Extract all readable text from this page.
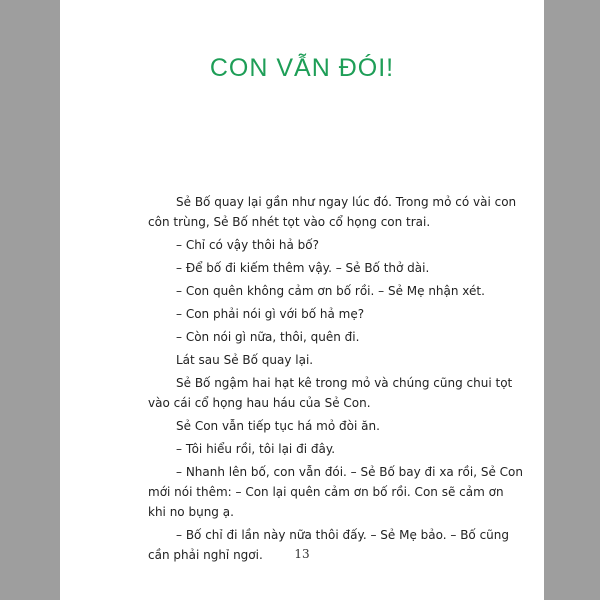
CON VẪN ĐÓI!

Sẻ Bố quay lại gần như ngay lúc đó. Trong mỏ có vài con côn trùng, Sẻ Bố nhét tọt vào cổ họng con trai.

– Chỉ có vậy thôi hả bố?

– Để bố đi kiếm thêm vậy. – Sẻ Bố thở dài.

– Con quên không cảm ơn bố rồi. – Sẻ Mẹ nhận xét.

– Con phải nói gì với bố hả mẹ?

– Còn nói gì nữa, thôi, quên đi.

Lát sau Sẻ Bố quay lại.

Sẻ Bố ngậm hai hạt kê trong mỏ và chúng cũng chui tọt vào cái cổ họng hau háu của Sẻ Con.

Sẻ Con vẫn tiếp tục há mỏ đòi ăn.

– Tôi hiểu rồi, tôi lại đi đây.

– Nhanh lên bố, con vẫn đói. – Sẻ Bố bay đi xa rồi, Sẻ Con mới nói thêm: – Con lại quên cảm ơn bố rồi. Con sẽ cảm ơn khi no bụng ạ.

– Bố chỉ đi lần này nữa thôi đấy. – Sẻ Mẹ bảo. – Bố cũng cần phải nghỉ ngơi.	13
